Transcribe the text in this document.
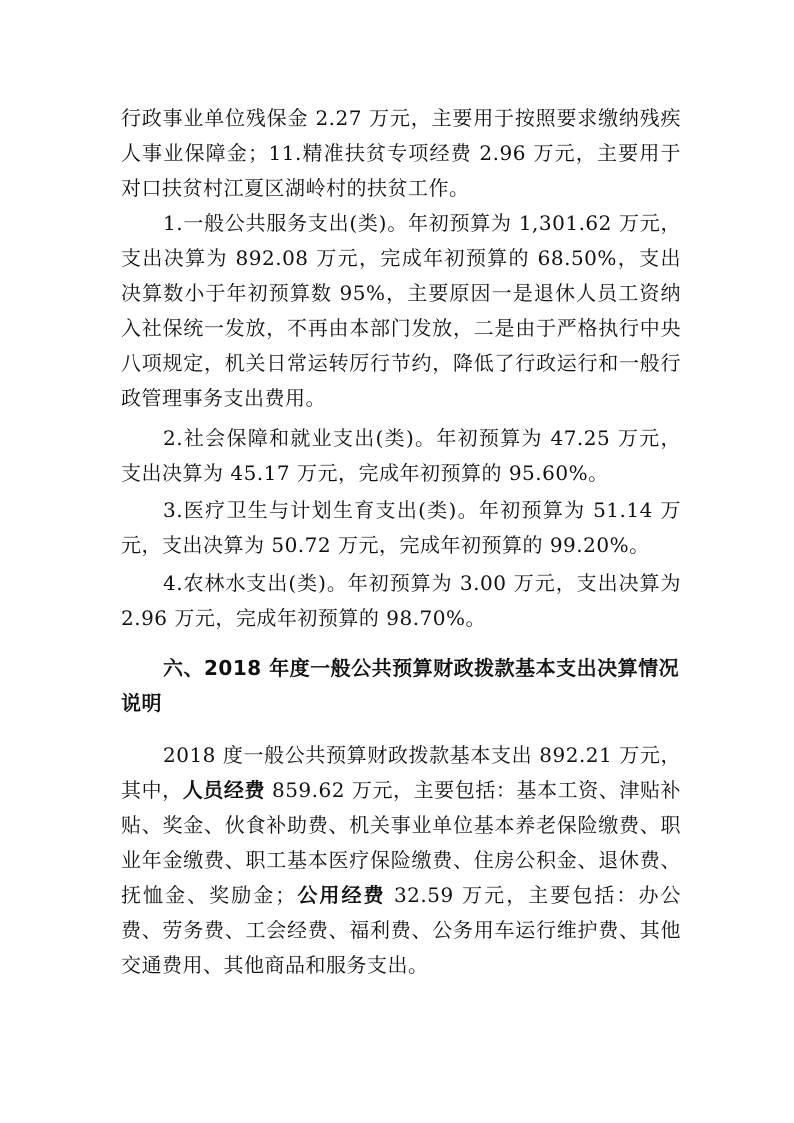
行政事业单位残保金 2.27 万元，主要用于按照要求缴纳残疾人事业保障金；11.精准扶贫专项经费 2.96 万元，主要用于对口扶贫村江夏区湖岭村的扶贫工作。

1.一般公共服务支出(类)。年初预算为 1,301.62 万元，支出决算为 892.08 万元，完成年初预算的 68.50%，支出决算数小于年初预算数 95%，主要原因一是退休人员工资纳入社保统一发放，不再由本部门发放，二是由于严格执行中央八项规定，机关日常运转厉行节约，降低了行政运行和一般行政管理事务支出费用。

2.社会保障和就业支出(类)。年初预算为 47.25 万元，支出决算为 45.17 万元，完成年初预算的 95.60%。

3.医疗卫生与计划生育支出(类)。年初预算为 51.14 万元，支出决算为 50.72 万元，完成年初预算的 99.20%。

4.农林水支出(类)。年初预算为 3.00 万元，支出决算为 2.96 万元，完成年初预算的 98.70%。

六、2018 年度一般公共预算财政拨款基本支出决算情况说明

2018 度一般公共预算财政拨款基本支出 892.21 万元，其中，人员经费 859.62 万元，主要包括：基本工资、津贴补贴、奖金、伙食补助费、机关事业单位基本养老保险缴费、职业年金缴费、职工基本医疗保险缴费、住房公积金、退休费、抚恤金、奖励金；公用经费 32.59 万元，主要包括：办公费、劳务费、工会经费、福利费、公务用车运行维护费、其他交通费用、其他商品和服务支出。
